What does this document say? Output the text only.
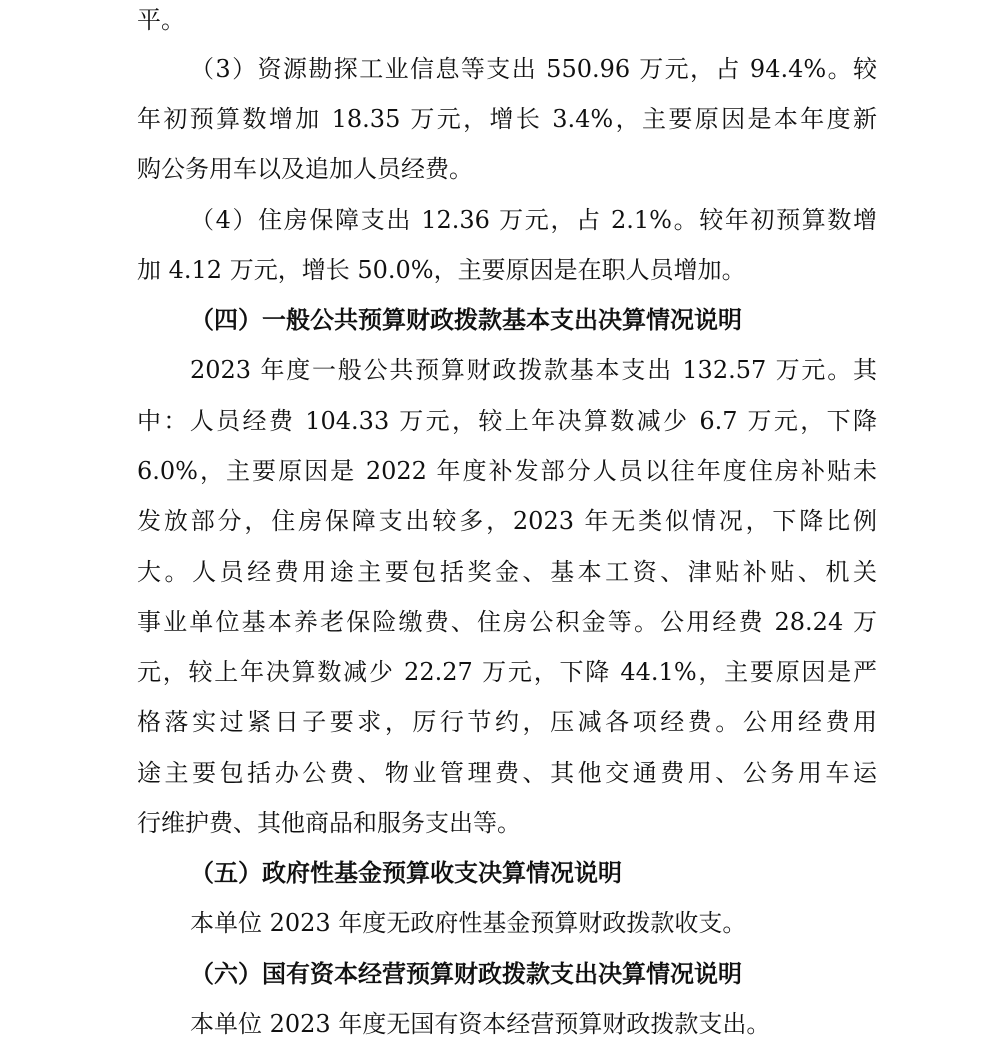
平。
（3）资源勘探工业信息等支出 550.96 万元，占 94.4%。较
年初预算数增加 18.35 万元，增长 3.4%，主要原因是本年度新
购公务用车以及追加人员经费。
（4）住房保障支出 12.36 万元，占 2.1%。较年初预算数增
加 4.12 万元，增长 50.0%，主要原因是在职人员增加。
（四）一般公共预算财政拨款基本支出决算情况说明
2023 年度一般公共预算财政拨款基本支出 132.57 万元。其
中：人员经费 104.33 万元，较上年决算数减少 6.7 万元，下降
6.0%，主要原因是 2022 年度补发部分人员以往年度住房补贴未
发放部分，住房保障支出较多，2023 年无类似情况，下降比例
大。人员经费用途主要包括奖金、基本工资、津贴补贴、机关
事业单位基本养老保险缴费、住房公积金等。公用经费 28.24 万
元，较上年决算数减少 22.27 万元，下降 44.1%，主要原因是严
格落实过紧日子要求，厉行节约，压减各项经费。公用经费用
途主要包括办公费、物业管理费、其他交通费用、公务用车运
行维护费、其他商品和服务支出等。
（五）政府性基金预算收支决算情况说明
本单位 2023 年度无政府性基金预算财政拨款收支。
（六）国有资本经营预算财政拨款支出决算情况说明
本单位 2023 年度无国有资本经营预算财政拨款支出。
